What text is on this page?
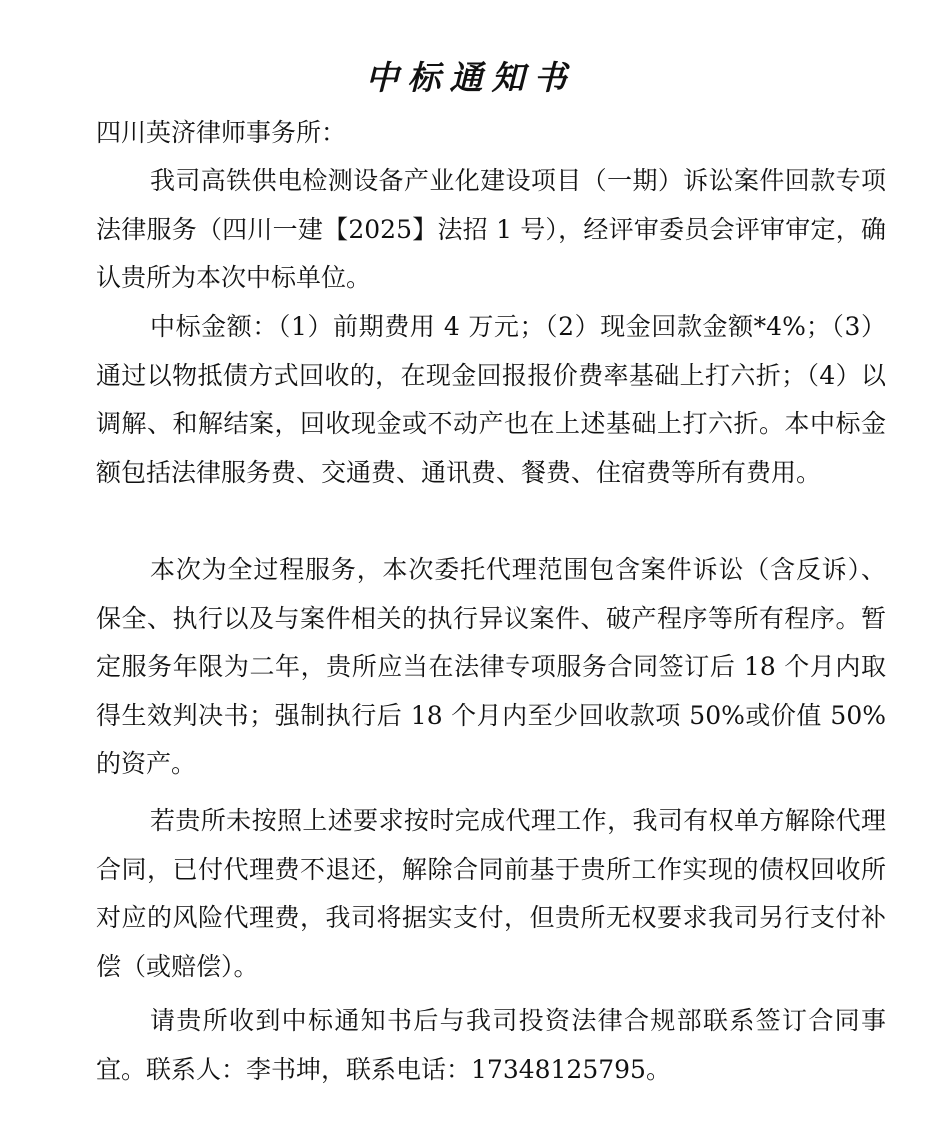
中标通知书
四川英济律师事务所：

我司高铁供电检测设备产业化建设项目（一期）诉讼案件回款专项法律服务（四川一建【2025】法招 1 号），经评审委员会评审审定，确认贵所为本次中标单位。

中标金额：（1）前期费用 4 万元；（2）现金回款金额*4%；（3）通过以物抵债方式回收的，在现金回报报价费率基础上打六折；（4）以调解、和解结案，回收现金或不动产也在上述基础上打六折。本中标金额包括法律服务费、交通费、通讯费、餐费、住宿费等所有费用。

本次为全过程服务，本次委托代理范围包含案件诉讼（含反诉）、 保全、执行以及与案件相关的执行异议案件、破产程序等所有程序。暂定服务年限为二年，贵所应当在法律专项服务合同签订后 18 个月内取得生效判决书；强制执行后 18 个月内至少回收款项 50%或价值 50%的资产。

若贵所未按照上述要求按时完成代理工作，我司有权单方解除代理合同，已付代理费不退还，解除合同前基于贵所工作实现的债权回收所对应的风险代理费，我司将据实支付，但贵所无权要求我司另行支付补偿（或赔偿）。

请贵所收到中标通知书后与我司投资法律合规部联系签订合同事宜。联系人：李书坤，联系电话：17348125795。
